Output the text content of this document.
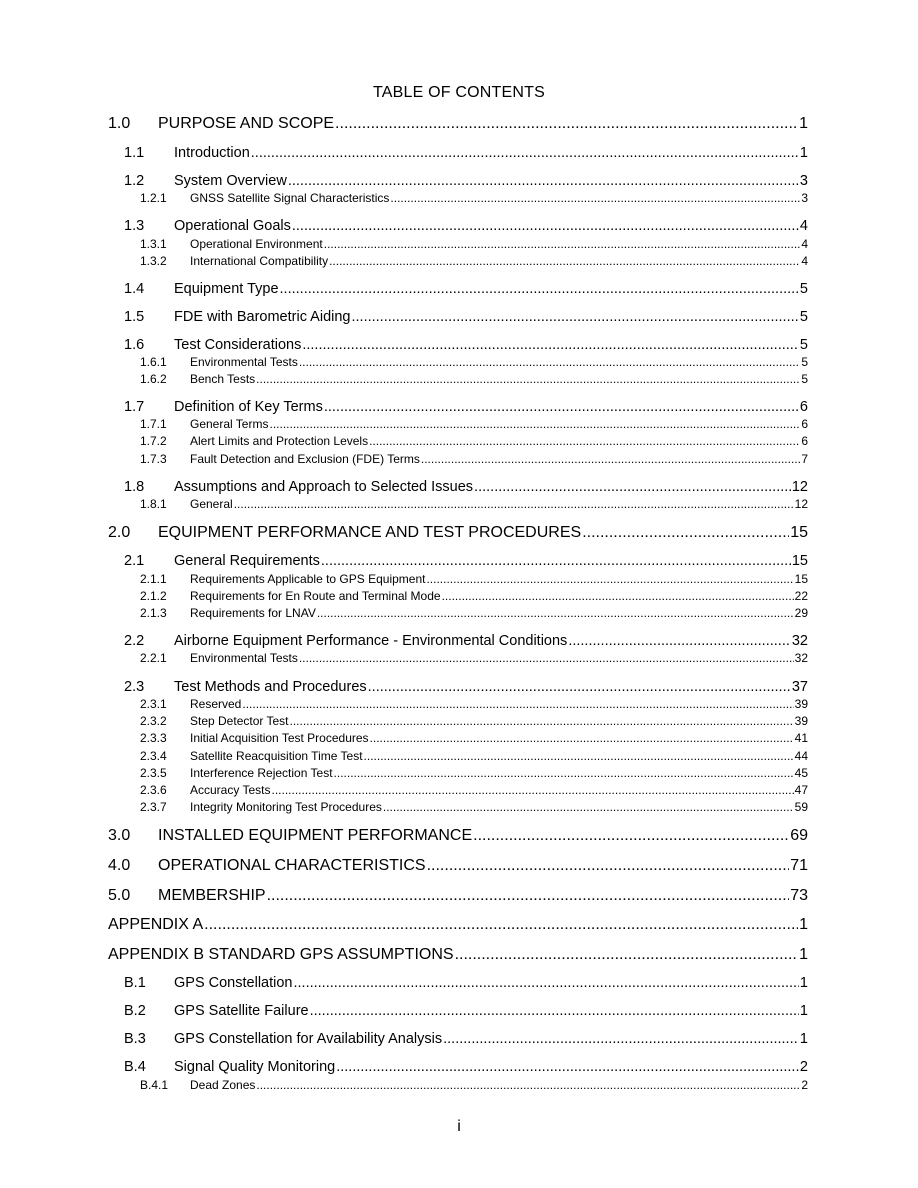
TABLE OF CONTENTS
1.0	PURPOSE AND SCOPE .....	1
1.1	Introduction .....	1
1.2	System Overview .....	3
1.2.1	GNSS Satellite Signal Characteristics .....	3
1.3	Operational Goals .....	4
1.3.1	Operational Environment .....	4
1.3.2	International Compatibility .....	4
1.4	Equipment Type .....	5
1.5	FDE with Barometric Aiding .....	5
1.6	Test Considerations .....	5
1.6.1	Environmental Tests .....	5
1.6.2	Bench Tests .....	5
1.7	Definition of Key Terms .....	6
1.7.1	General Terms .....	6
1.7.2	Alert Limits and Protection Levels .....	6
1.7.3	Fault Detection and Exclusion (FDE) Terms .....	7
1.8	Assumptions and Approach to Selected Issues .....	12
1.8.1	General .....	12
2.0	EQUIPMENT PERFORMANCE AND TEST PROCEDURES .....	15
2.1	General Requirements .....	15
2.1.1	Requirements Applicable to GPS Equipment .....	15
2.1.2	Requirements for En Route and Terminal Mode .....	22
2.1.3	Requirements for LNAV .....	29
2.2	Airborne Equipment Performance - Environmental Conditions .....	32
2.2.1	Environmental Tests .....	32
2.3	Test Methods and Procedures .....	37
2.3.1	Reserved .....	39
2.3.2	Step Detector Test .....	39
2.3.3	Initial Acquisition Test Procedures .....	41
2.3.4	Satellite Reacquisition Time Test .....	44
2.3.5	Interference Rejection Test .....	45
2.3.6	Accuracy Tests .....	47
2.3.7	Integrity Monitoring Test Procedures .....	59
3.0	INSTALLED EQUIPMENT PERFORMANCE .....	69
4.0	OPERATIONAL CHARACTERISTICS .....	71
5.0	MEMBERSHIP .....	73
APPENDIX A .....	1
APPENDIX B STANDARD GPS ASSUMPTIONS .....	1
B.1	GPS Constellation .....	1
B.2	GPS Satellite Failure .....	1
B.3	GPS Constellation for Availability Analysis .....	1
B.4	Signal Quality Monitoring .....	2
B.4.1	Dead Zones .....	2
i
